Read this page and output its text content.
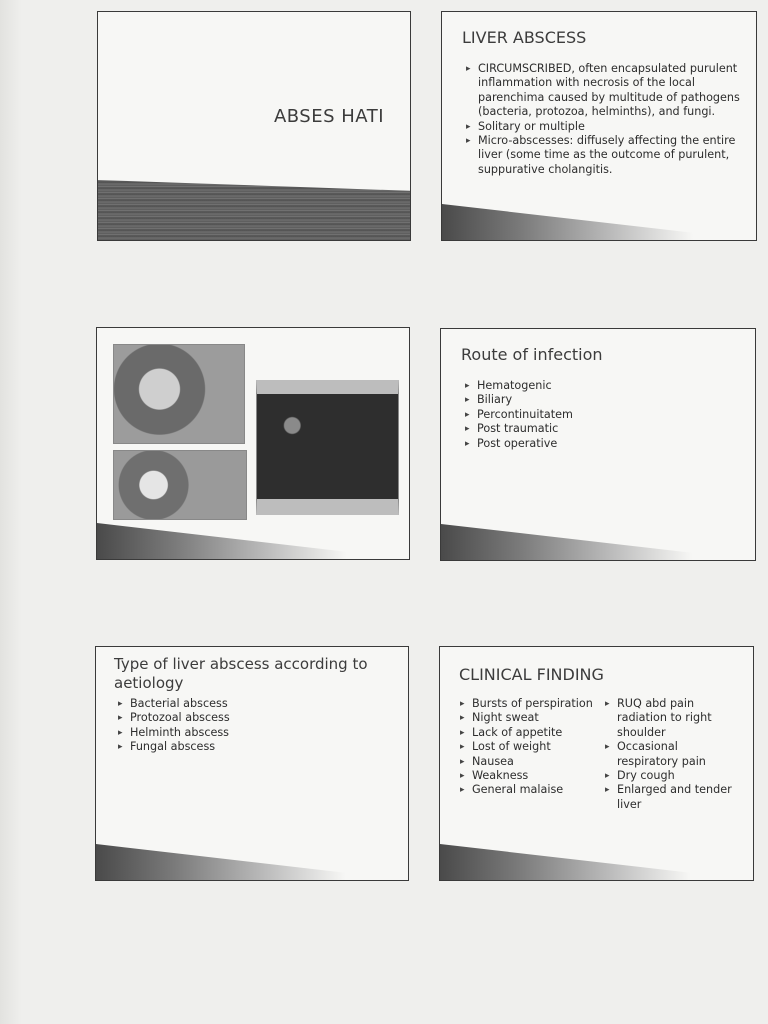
ABSES HATI
LIVER ABSCESS
▸ CIRCUMSCRIBED, often encapsulated purulent inflammation with necrosis of the local parenchima caused by multitude of pathogens (bacteria, protozoa, helminths), and fungi.
▸ Solitary or multiple
▸ Micro-abscesses: diffusely affecting the entire liver (some time as the outcome of purulent, suppurative cholangitis.
Route of infection
▸ Hematogenic
▸ Biliary
▸ Percontinuitatem
▸ Post traumatic
▸ Post operative
Type of liver abscess according to aetiology
▸ Bacterial abscess
▸ Protozoal abscess
▸ Helminth abscess
▸ Fungal abscess
CLINICAL FINDING
▸ Bursts of perspiration
▸ Night sweat
▸ Lack of appetite
▸ Lost of weight
▸ Nausea
▸ Weakness
▸ General malaise
▸ RUQ abd pain radiation to right shoulder
▸ Occasional respiratory pain
▸ Dry cough
▸ Enlarged and tender liver
